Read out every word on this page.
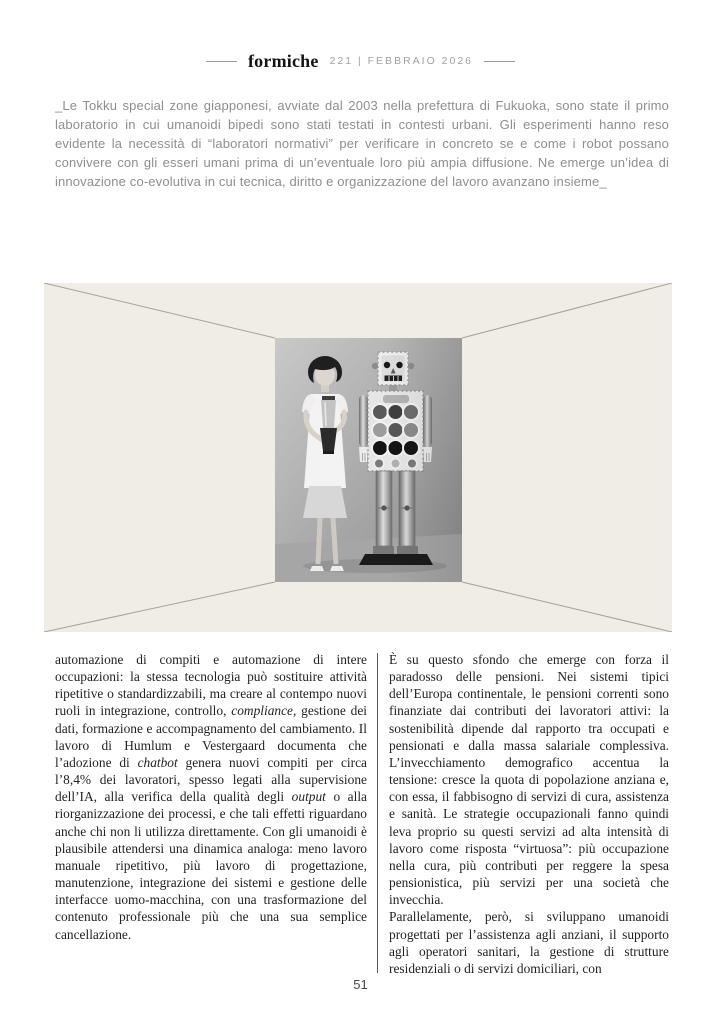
formiche 221 | FEBBRAIO 2026

_Le Tokku special zone giapponesi, avviate dal 2003 nella prefettura di Fukuoka, sono state il primo laboratorio in cui umanoidi bipedi sono stati testati in contesti urbani. Gli esperimenti hanno reso evidente la necessità di “laboratori normativi” per verificare in concreto se e come i robot possano convivere con gli esseri umani prima di un’eventuale loro più ampia diffusione. Ne emerge un’idea di innovazione co-evolutiva in cui tecnica, diritto e organizzazione del lavoro avanzano insieme_

automazione di compiti e automazione di intere occupazioni: la stessa tecnologia può sostituire attività ripetitive o standardizzabili, ma creare al contempo nuovi ruoli in integrazione, controllo, compliance, gestione dei dati, formazione e accompagnamento del cambiamento. Il lavoro di Humlum e Vestergaard documenta che l’adozione di chatbot genera nuovi compiti per circa l’8,4% dei lavoratori, spesso legati alla supervisione dell’IA, alla verifica della qualità degli output o alla riorganizzazione dei processi, e che tali effetti riguardano anche chi non li utilizza direttamente. Con gli umanoidi è plausibile attendersi una dinamica analoga: meno lavoro manuale ripetitivo, più lavoro di progettazione, manutenzione, integrazione dei sistemi e gestione delle interfacce uomo-macchina, con una trasformazione del contenuto professionale più che una sua semplice cancellazione.

È su questo sfondo che emerge con forza il paradosso delle pensioni. Nei sistemi tipici dell’Europa continentale, le pensioni correnti sono finanziate dai contributi dei lavoratori attivi: la sostenibilità dipende dal rapporto tra occupati e pensionati e dalla massa salariale complessiva. L’invecchiamento demografico accentua la tensione: cresce la quota di popolazione anziana e, con essa, il fabbisogno di servizi di cura, assistenza e sanità. Le strategie occupazionali fanno quindi leva proprio su questi servizi ad alta intensità di lavoro come risposta “virtuosa”: più occupazione nella cura, più contributi per reggere la spesa pensionistica, più servizi per una società che invecchia.

Parallelamente, però, si sviluppano umanoidi progettati per l’assistenza agli anziani, il supporto agli operatori sanitari, la gestione di strutture residenziali o di servizi domiciliari, con

51
